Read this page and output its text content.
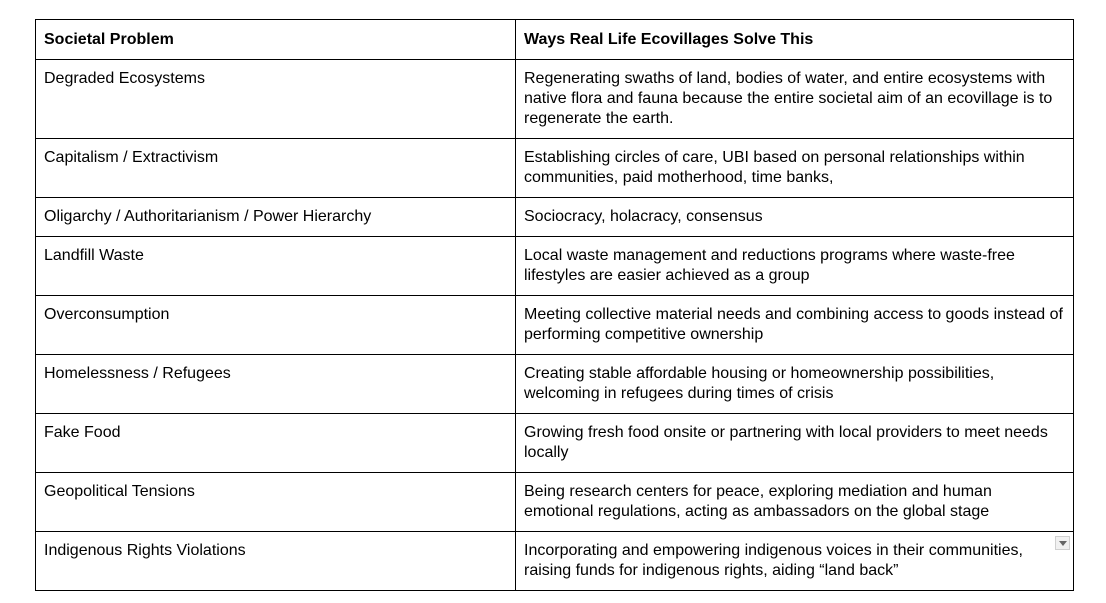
Societal Problem	Ways Real Life Ecovillages Solve This
Degraded Ecosystems	Regenerating swaths of land, bodies of water, and entire ecosystems with native flora and fauna because the entire societal aim of an ecovillage is to regenerate the earth.
Capitalism / Extractivism	Establishing circles of care, UBI based on personal relationships within communities, paid motherhood, time banks,
Oligarchy / Authoritarianism / Power Hierarchy	Sociocracy, holacracy, consensus
Landfill Waste	Local waste management and reductions programs where waste-free lifestyles are easier achieved as a group
Overconsumption	Meeting collective material needs and combining access to goods instead of performing competitive ownership
Homelessness / Refugees	Creating stable affordable housing or homeownership possibilities, welcoming in refugees during times of crisis
Fake Food	Growing fresh food onsite or partnering with local providers to meet needs locally
Geopolitical Tensions	Being research centers for peace, exploring mediation and human emotional regulations, acting as ambassadors on the global stage
Indigenous Rights Violations	Incorporating and empowering indigenous voices in their communities, raising funds for indigenous rights, aiding “land back”
